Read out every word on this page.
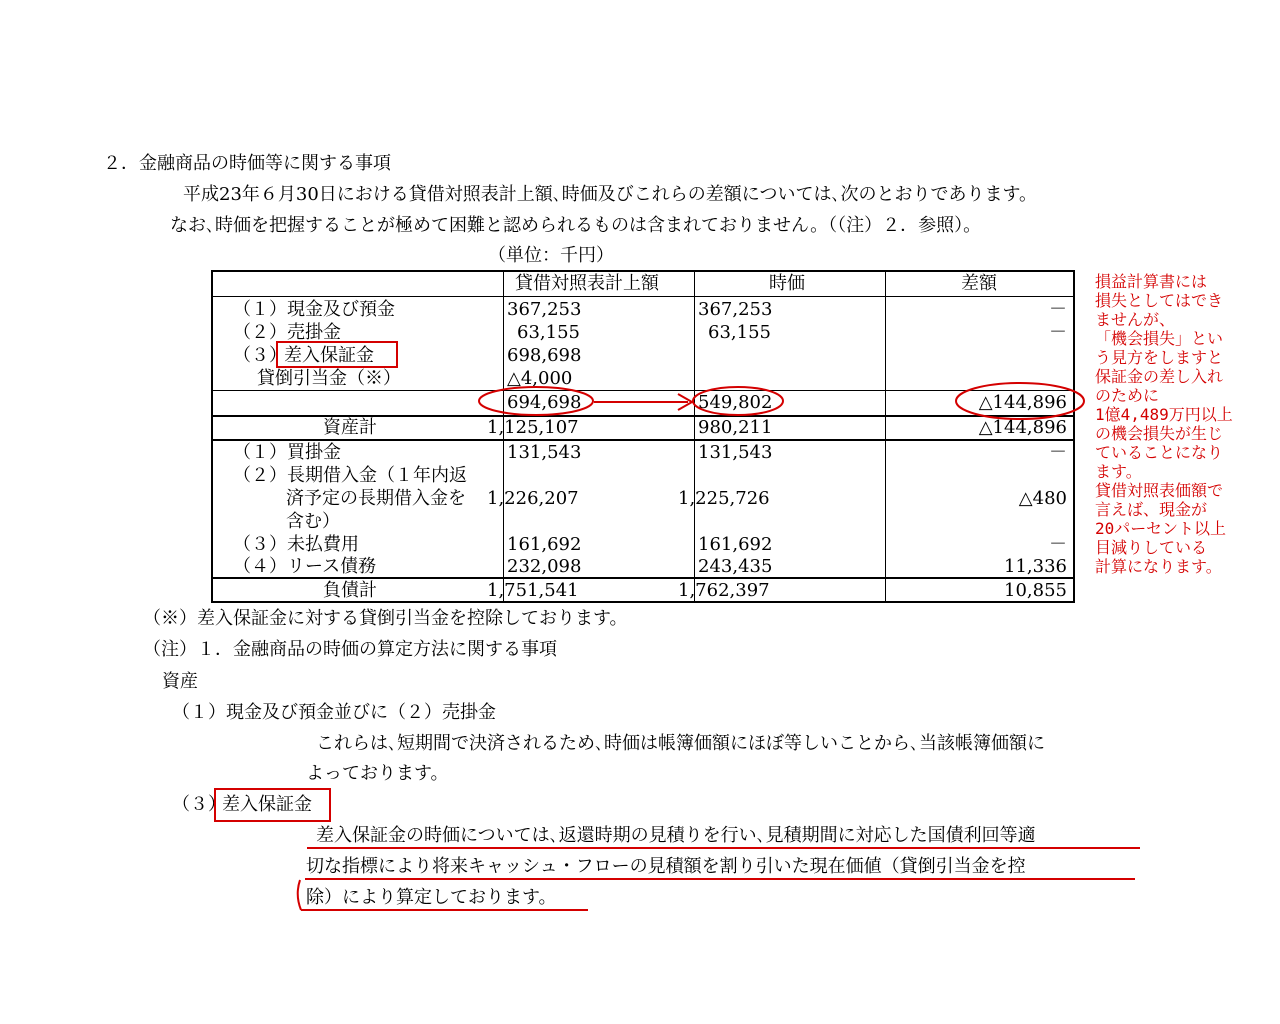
２．金融商品の時価等に関する事項
平成23年６月30日における貸借対照表計上額､時価及びこれらの差額については､次のとおりであります。
なお､時価を把握することが極めて困難と認められるものは含まれておりません。（（注）２．参照）。
（単位：千円）
貸借対照表計上額	時価	差額
（１）現金及び預金	367,253	367,253	－
（２）売掛金	63,155	63,155	－
（３）
差入保証金	698,698
貸倒引当金（※）	△4,000
694,698	549,802	△144,896
資産計	1,125,107	980,211	△144,896
（１）買掛金	131,543	131,543	－
（２）長期借入金（１年内返
済予定の長期借入金を
含む）
1,226,207	1,225,726	△480
（３）未払費用	161,692	161,692	－
（４）リース債務	232,098	243,435	11,336
負債計	1,751,541	1,762,397	10,855
損益計算書には
損失としてはでき
ませんが、
「機会損失」とい
う見方をしますと
保証金の差し入れ
のために
1億4,489万円以上
の機会損失が生じ
ていることになり
ます。
貸借対照表価額で
言えば、現金が
20パーセント以上
目減りしている
計算になります。
（※）差入保証金に対する貸倒引当金を控除しております。
（注）１．金融商品の時価の算定方法に関する事項
資産
（１）現金及び預金並びに（２）売掛金
これらは､短期間で決済されるため､時価は帳簿価額にほぼ等しいことから､当該帳簿価額に
よっております。
（３）
差入保証金
差入保証金の時価については､返還時期の見積りを行い､見積期間に対応した国債利回等適
切な指標により将来キャッシュ・フローの見積額を割り引いた現在価値（貸倒引当金を控
除）により算定しております。
